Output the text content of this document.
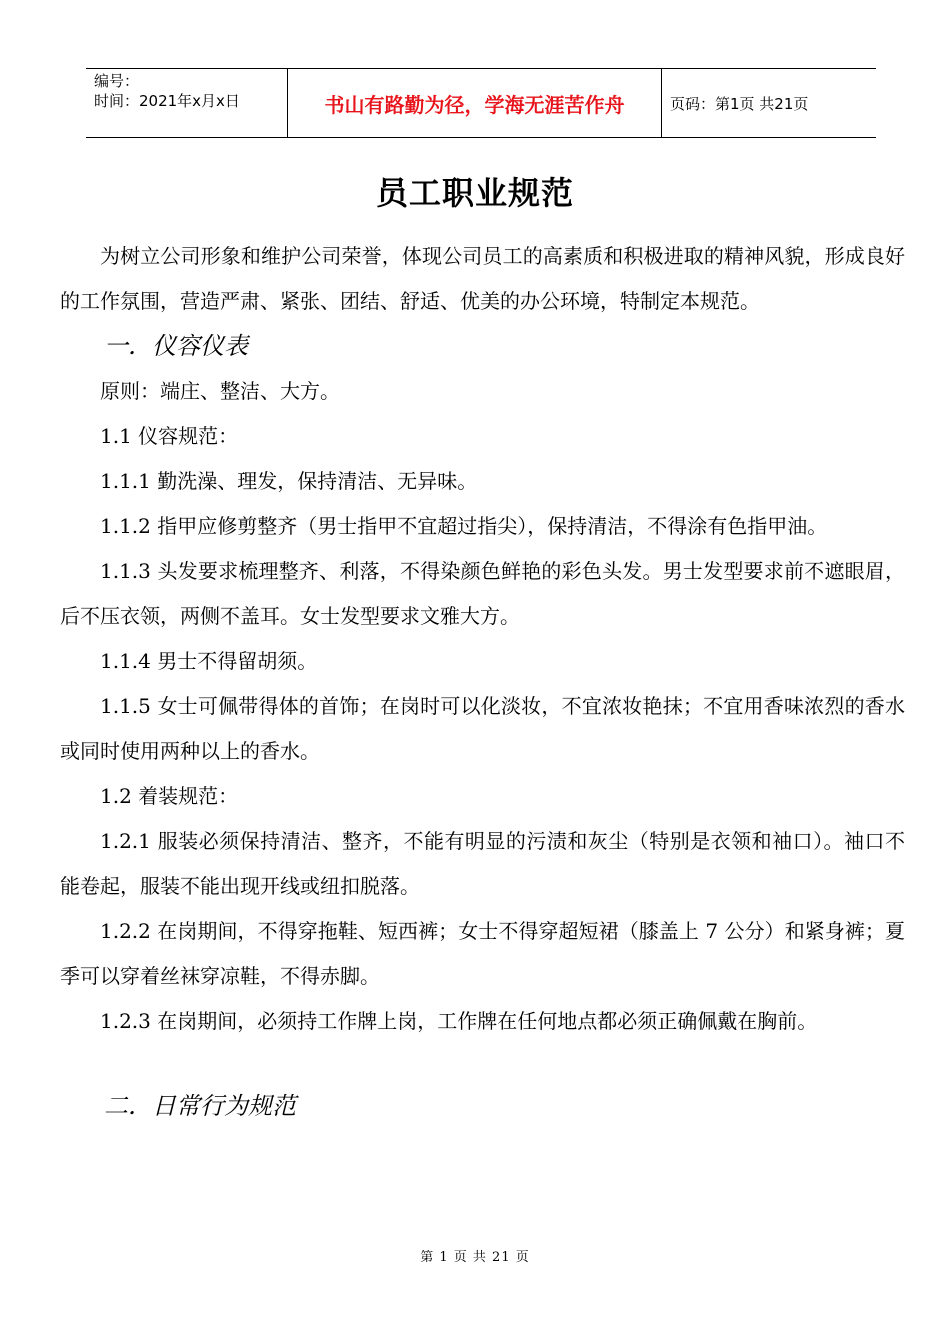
编号：
时间：2021年x月x日	书山有路勤为径，学海无涯苦作舟	页码：第1页 共21页
员工职业规范

为树立公司形象和维护公司荣誉，体现公司员工的高素质和积极进取的精神风貌，形成良好的工作氛围，营造严肃、紧张、团结、舒适、优美的办公环境，特制定本规范。

一．仪容仪表

原则：端庄、整洁、大方。

1.1 仪容规范：

1.1.1 勤洗澡、理发，保持清洁、无异味。

1.1.2 指甲应修剪整齐（男士指甲不宜超过指尖），保持清洁，不得涂有色指甲油。

1.1.3 头发要求梳理整齐、利落，不得染颜色鲜艳的彩色头发。男士发型要求前不遮眼眉，后不压衣领，两侧不盖耳。女士发型要求文雅大方。

1.1.4 男士不得留胡须。

1.1.5 女士可佩带得体的首饰；在岗时可以化淡妆，不宜浓妆艳抹；不宜用香味浓烈的香水或同时使用两种以上的香水。

1.2 着装规范：

1.2.1 服装必须保持清洁、整齐，不能有明显的污渍和灰尘（特别是衣领和袖口）。袖口不能卷起，服装不能出现开线或纽扣脱落。

1.2.2 在岗期间，不得穿拖鞋、短西裤；女士不得穿超短裙（膝盖上 7 公分）和紧身裤；夏季可以穿着丝袜穿凉鞋，不得赤脚。

1.2.3 在岗期间，必须持工作牌上岗，工作牌在任何地点都必须正确佩戴在胸前。

二．日常行为规范
第 1 页 共 21 页
